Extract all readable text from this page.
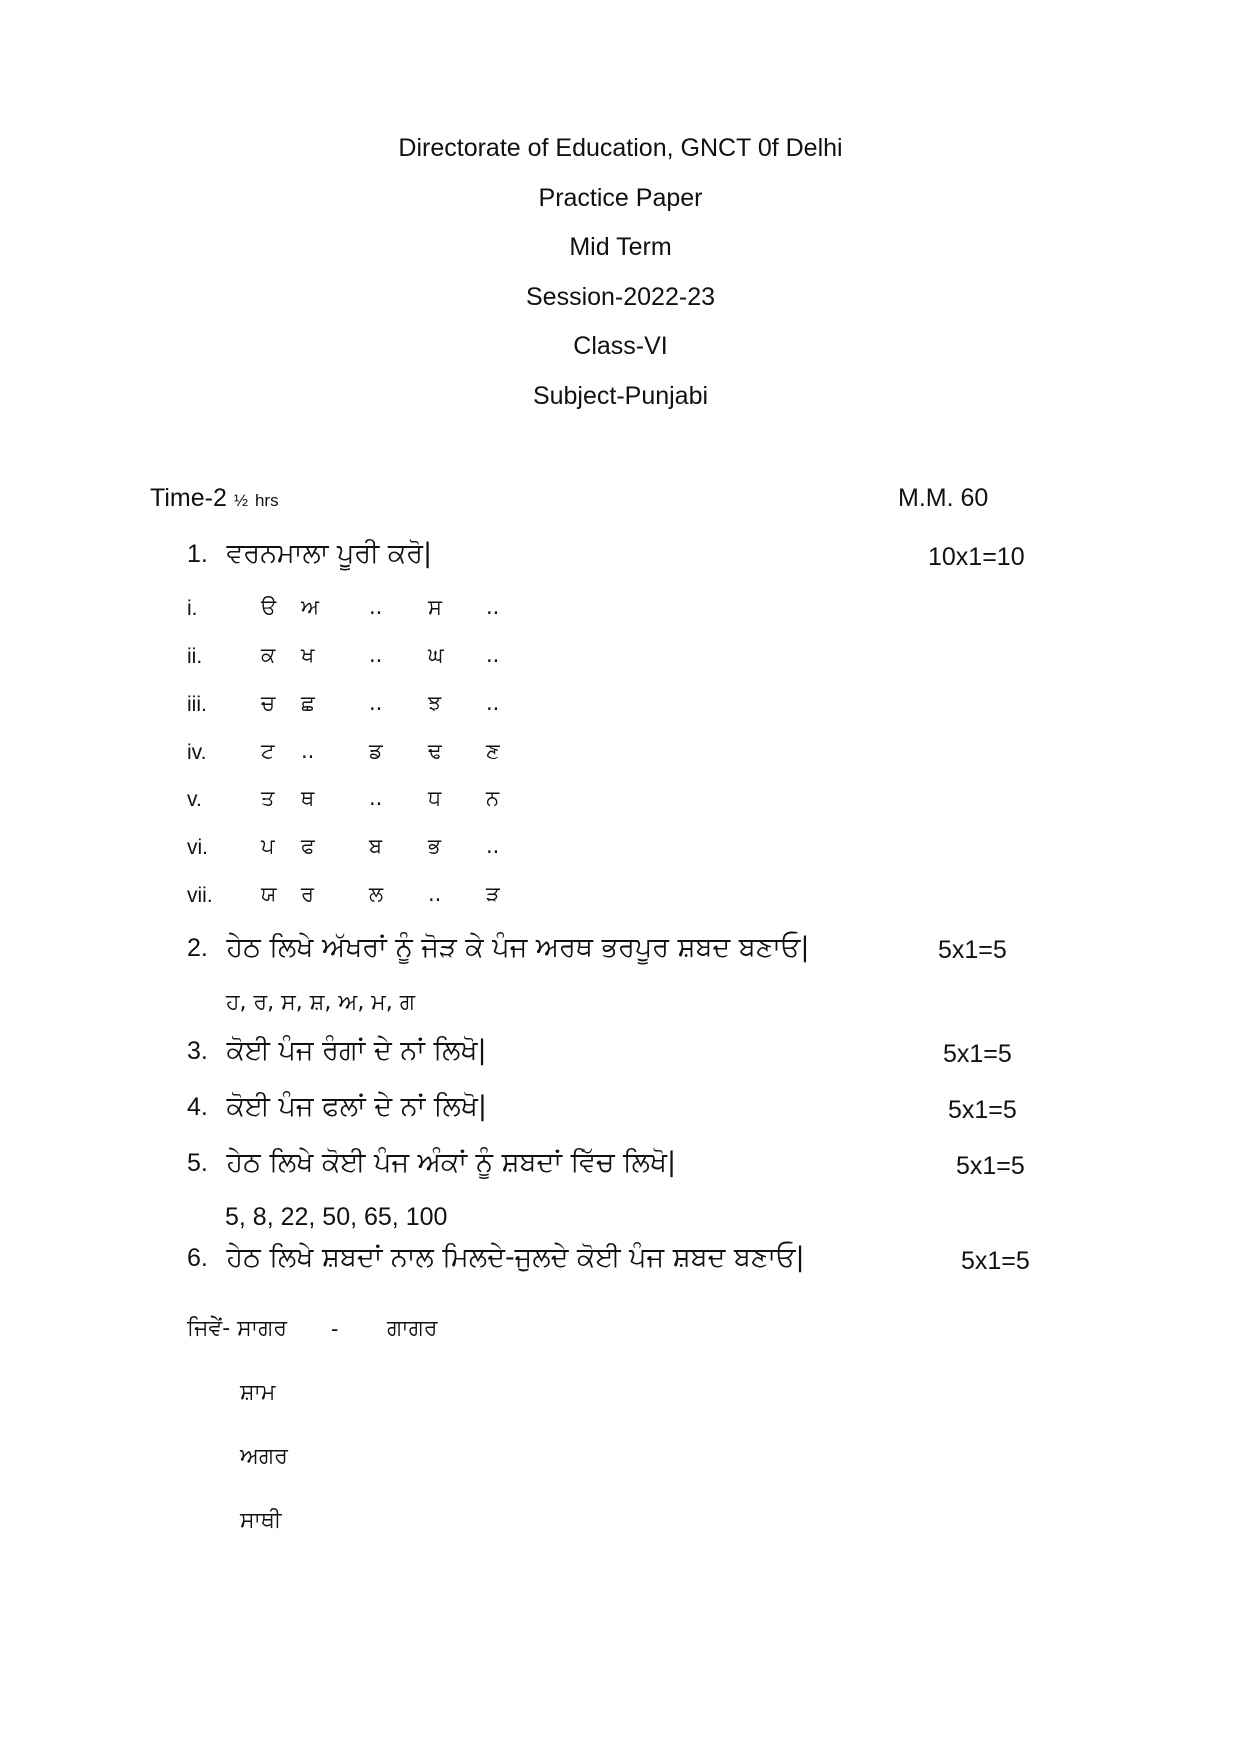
Directorate of Education, GNCT 0f Delhi
Practice Paper
Mid Term
Session-2022-23
Class-VI
Subject-Punjabi
Time-2 ½ hrs	M.M. 60
1. ਵਰਨਮਾਲਾ ਪੂਰੀ ਕਰੋ|	10x1=10
i.	ੳ ਅ .. ਸ ..
ii.	ਕ ਖ	.. ਘ ..
iii.	ਚ ਛ	.. ਝ ..
iv.	ਟ ..	ਡ ਢ ਣ
v.	ਤ ਥ	.. ਧ ਨ
vi.	ਪ ਫ	ਬ ਭ ..
vii. ਯ ਰ	ਲ .. ੜ
2. ਹੇਠ ਲਿਖੇ ਅੱਖਰਾਂ ਨੂੰ ਜੋੜ ਕੇ ਪੰਜ ਅਰਥ ਭਰਪੂਰ ਸ਼ਬਦ ਬਣਾਓ|	5x1=5
ਹ, ਰ, ਸ, ਸ਼, ਅ, ਮ, ਗ
3. ਕੋਈ ਪੰਜ ਰੰਗਾਂ ਦੇ ਨਾਂ ਲਿਖੋ|	5x1=5
4. ਕੋਈ ਪੰਜ ਫਲਾਂ ਦੇ ਨਾਂ ਲਿਖੋ|	5x1=5
5. ਹੇਠ ਲਿਖੇ ਕੋਈ ਪੰਜ ਅੰਕਾਂ ਨੂੰ ਸ਼ਬਦਾਂ ਵਿੱਚ ਲਿਖੋ|	5x1=5
5, 8, 22, 50, 65, 100
6. ਹੇਠ ਲਿਖੇ ਸ਼ਬਦਾਂ ਨਾਲ ਮਿਲਦੇ-ਜੁਲਦੇ ਕੋਈ ਪੰਜ ਸ਼ਬਦ ਬਣਾਓ|	5x1=5
ਜਿਵੇਂ- ਸਾਗਰ - ਗਾਗਰ
ਸ਼ਾਮ
ਅਗਰ
ਸਾਥੀ
